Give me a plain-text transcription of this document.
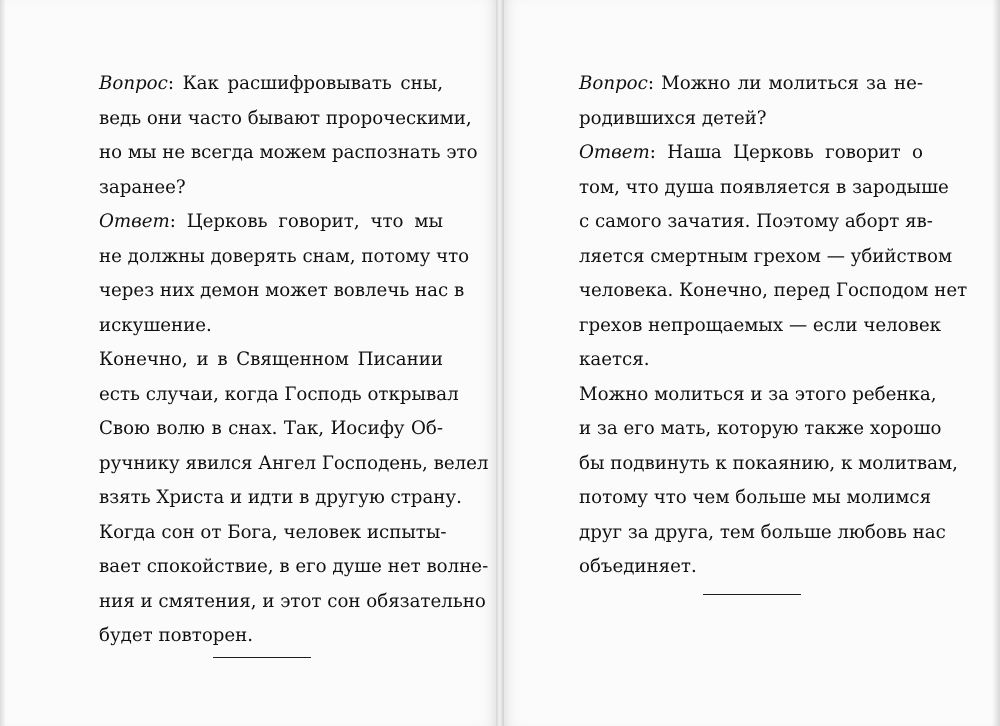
Вопрос: Как расшифровывать сны,
ведь они часто бывают пророческими,
но мы не всегда можем распознать это
заранее?

Ответ: Церковь говорит, что мы
не должны доверять снам, потому что
через них демон может вовлечь нас в
искушение.

Конечно, и в Священном Писании
есть случаи, когда Господь открывал
Свою волю в снах. Так, Иосифу Об-
ручнику явился Ангел Господень, велел
взять Христа и идти в другую страну.

Когда сон от Бога, человек испыты-
вает спокойствие, в его душе нет волне-
ния и смятения, и этот сон обязательно
будет повторен.

Вопрос: Можно ли молиться за не-
родившихся детей?

Ответ: Наша Церковь говорит о
том, что душа появляется в зародыше
с самого зачатия. Поэтому аборт яв-
ляется смертным грехом — убийством
человека. Конечно, перед Господом нет
грехов непрощаемых — если человек
кается.

Можно молиться и за этого ребенка,
и за его мать, которую также хорошо
бы подвинуть к покаянию, к молитвам,
потому что чем больше мы молимся
друг за друга, тем больше любовь нас
объединяет.
